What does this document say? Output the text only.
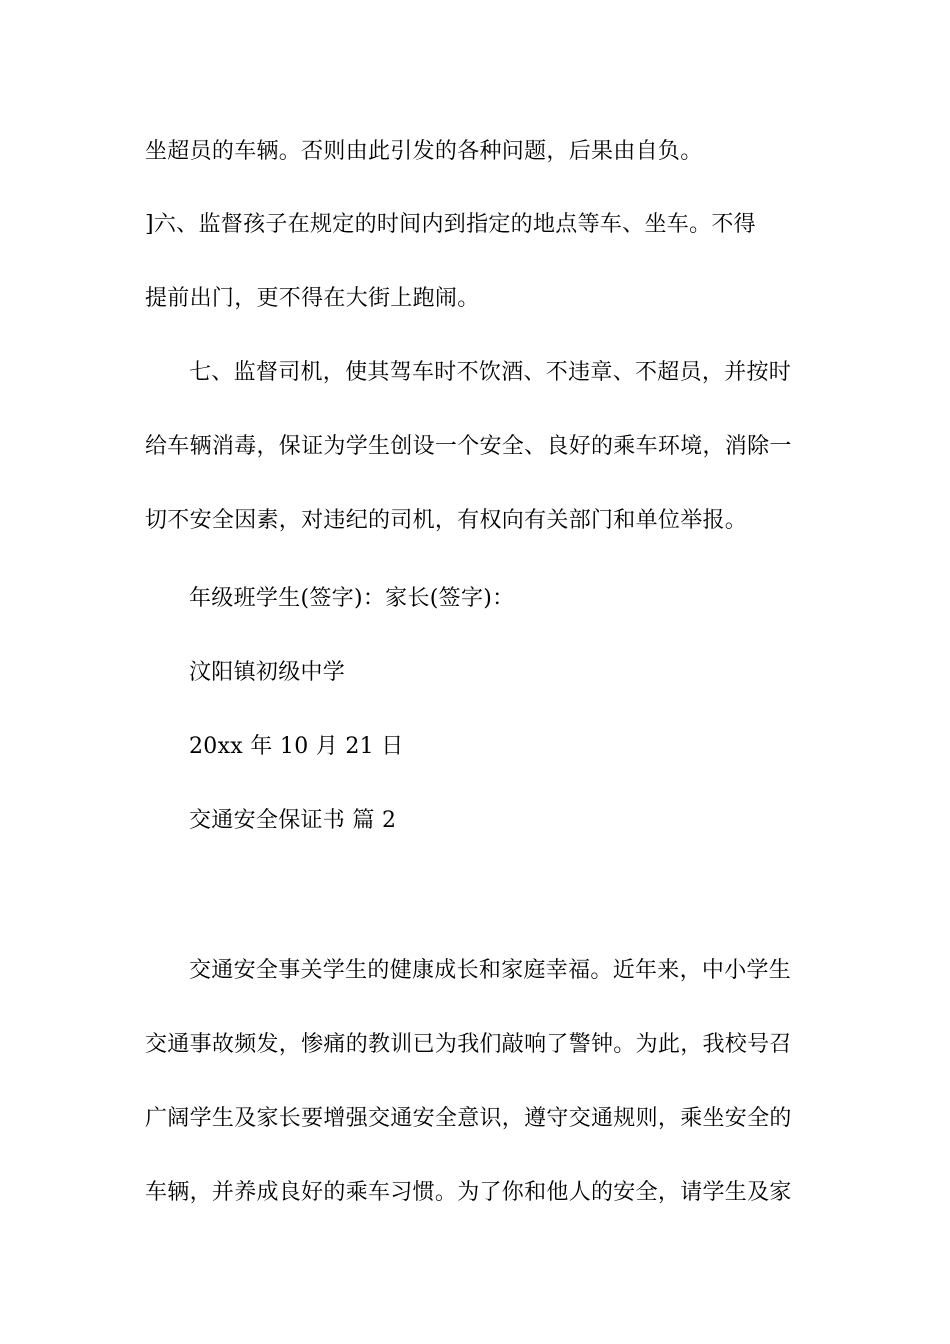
坐超员的车辆。否则由此引发的各种问题，后果由自负。
]六、监督孩子在规定的时间内到指定的地点等车、坐车。不得
提前出门，更不得在大街上跑闹。
七、监督司机，使其驾车时不饮酒、不违章、不超员，并按时
给车辆消毒，保证为学生创设一个安全、良好的乘车环境，消除一
切不安全因素，对违纪的司机，有权向有关部门和单位举报。
年级班学生(签字)：家长(签字)：
汶阳镇初级中学
20xx 年 10 月 21 日
交通安全保证书 篇 2
交通安全事关学生的健康成长和家庭幸福。近年来，中小学生
交通事故频发，惨痛的教训已为我们敲响了警钟。为此，我校号召
广阔学生及家长要增强交通安全意识，遵守交通规则，乘坐安全的
车辆，并养成良好的乘车习惯。为了你和他人的安全，请学生及家
